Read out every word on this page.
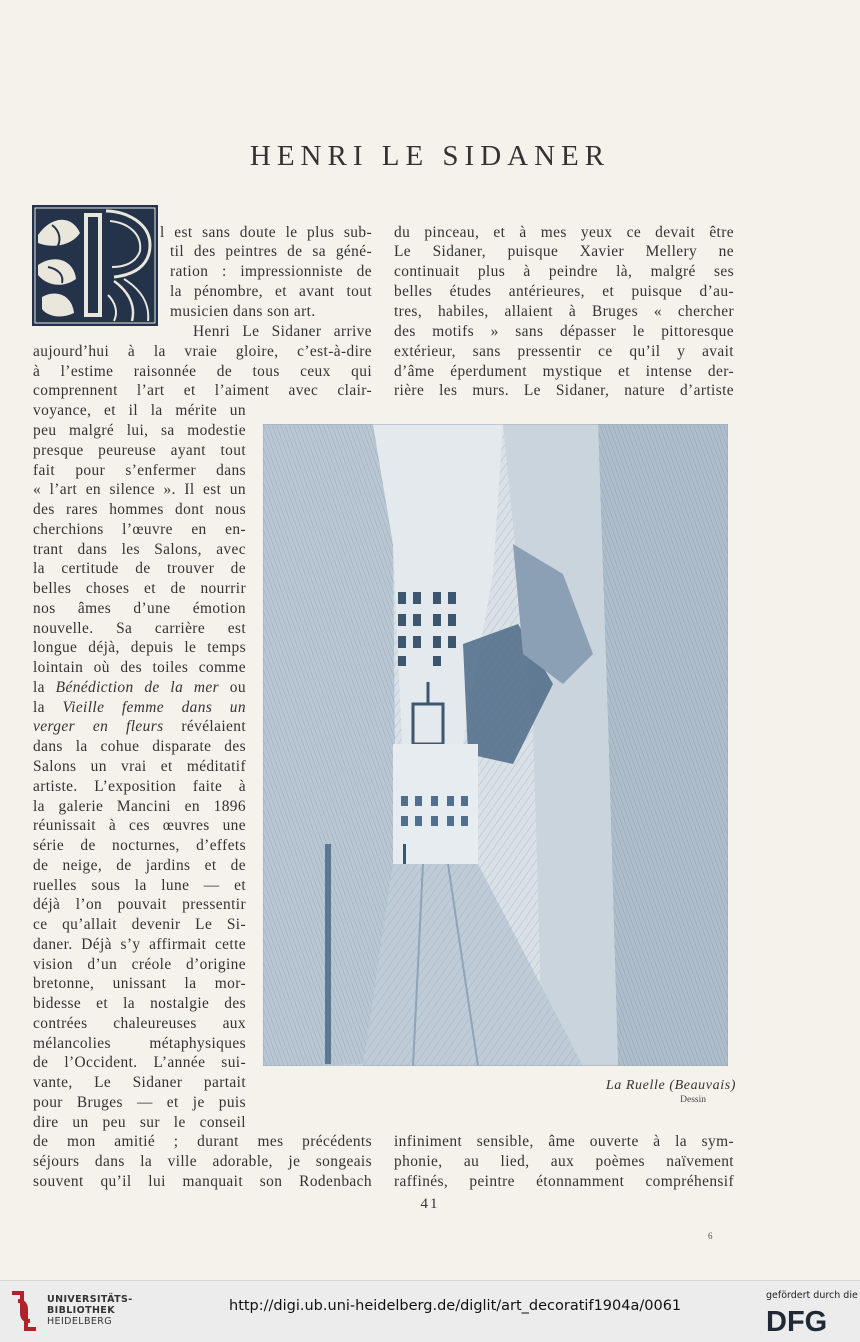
HENRI LE SIDANER
l est sans doute le plus sub-
til des peintres de sa géné-
ration : impressionniste de
la pénombre, et avant tout
musicien dans son art.
Henri Le Sidaner arrive
aujourd’hui à la vraie gloire, c’est-à-dire
à l’estime raisonnée de tous ceux qui
comprennent l’art et l’aiment avec clair-
voyance, et il la mérite un
peu malgré lui, sa modestie
presque peureuse ayant tout
fait pour s’enfermer dans
« l’art en silence ». Il est un
des rares hommes dont nous
cherchions l’œuvre en en-
trant dans les Salons, avec
la certitude de trouver de
belles choses et de nourrir
nos âmes d’une émotion
nouvelle. Sa carrière est
longue déjà, depuis le temps
lointain où des toiles comme
la Bénédiction de la mer ou
la Vieille femme dans un
verger en fleurs révélaient
dans la cohue disparate des
Salons un vrai et méditatif
artiste. L’exposition faite à
la galerie Mancini en 1896
réunissait à ces œuvres une
série de nocturnes, d’effets
de neige, de jardins et de
ruelles sous la lune — et
déjà l’on pouvait pressentir
ce qu’allait devenir Le Si-
daner. Déjà s’y affirmait cette
vision d’un créole d’origine
bretonne, unissant la mor-
bidesse et la nostalgie des
contrées chaleureuses aux
mélancolies métaphysiques
de l’Occident. L’année sui-
vante, Le Sidaner partait
pour Bruges — et je puis
dire un peu sur le conseil
de mon amitié ; durant mes précédents
séjours dans la ville adorable, je songeais
souvent qu’il lui manquait son Rodenbach
du pinceau, et à mes yeux ce devait être
Le Sidaner, puisque Xavier Mellery ne
continuait plus à peindre là, malgré ses
belles études antérieures, et puisque d’au-
tres, habiles, allaient à Bruges « chercher
des motifs » sans dépasser le pittoresque
extérieur, sans pressentir ce qu’il y avait
d’âme éperdument mystique et intense der-
rière les murs. Le Sidaner, nature d’artiste
infiniment sensible, âme ouverte à la sym-
phonie, au lied, aux poèmes naïvement
raffinés, peintre étonnamment compréhensif
La Ruelle (Beauvais)
Dessin
41
6
UNIVERSITÄTS-
BIBLIOTHEK
HEIDELBERG
http://digi.ub.uni-heidelberg.de/diglit/art_decoratif1904a/0061
gefördert durch die
DFG
